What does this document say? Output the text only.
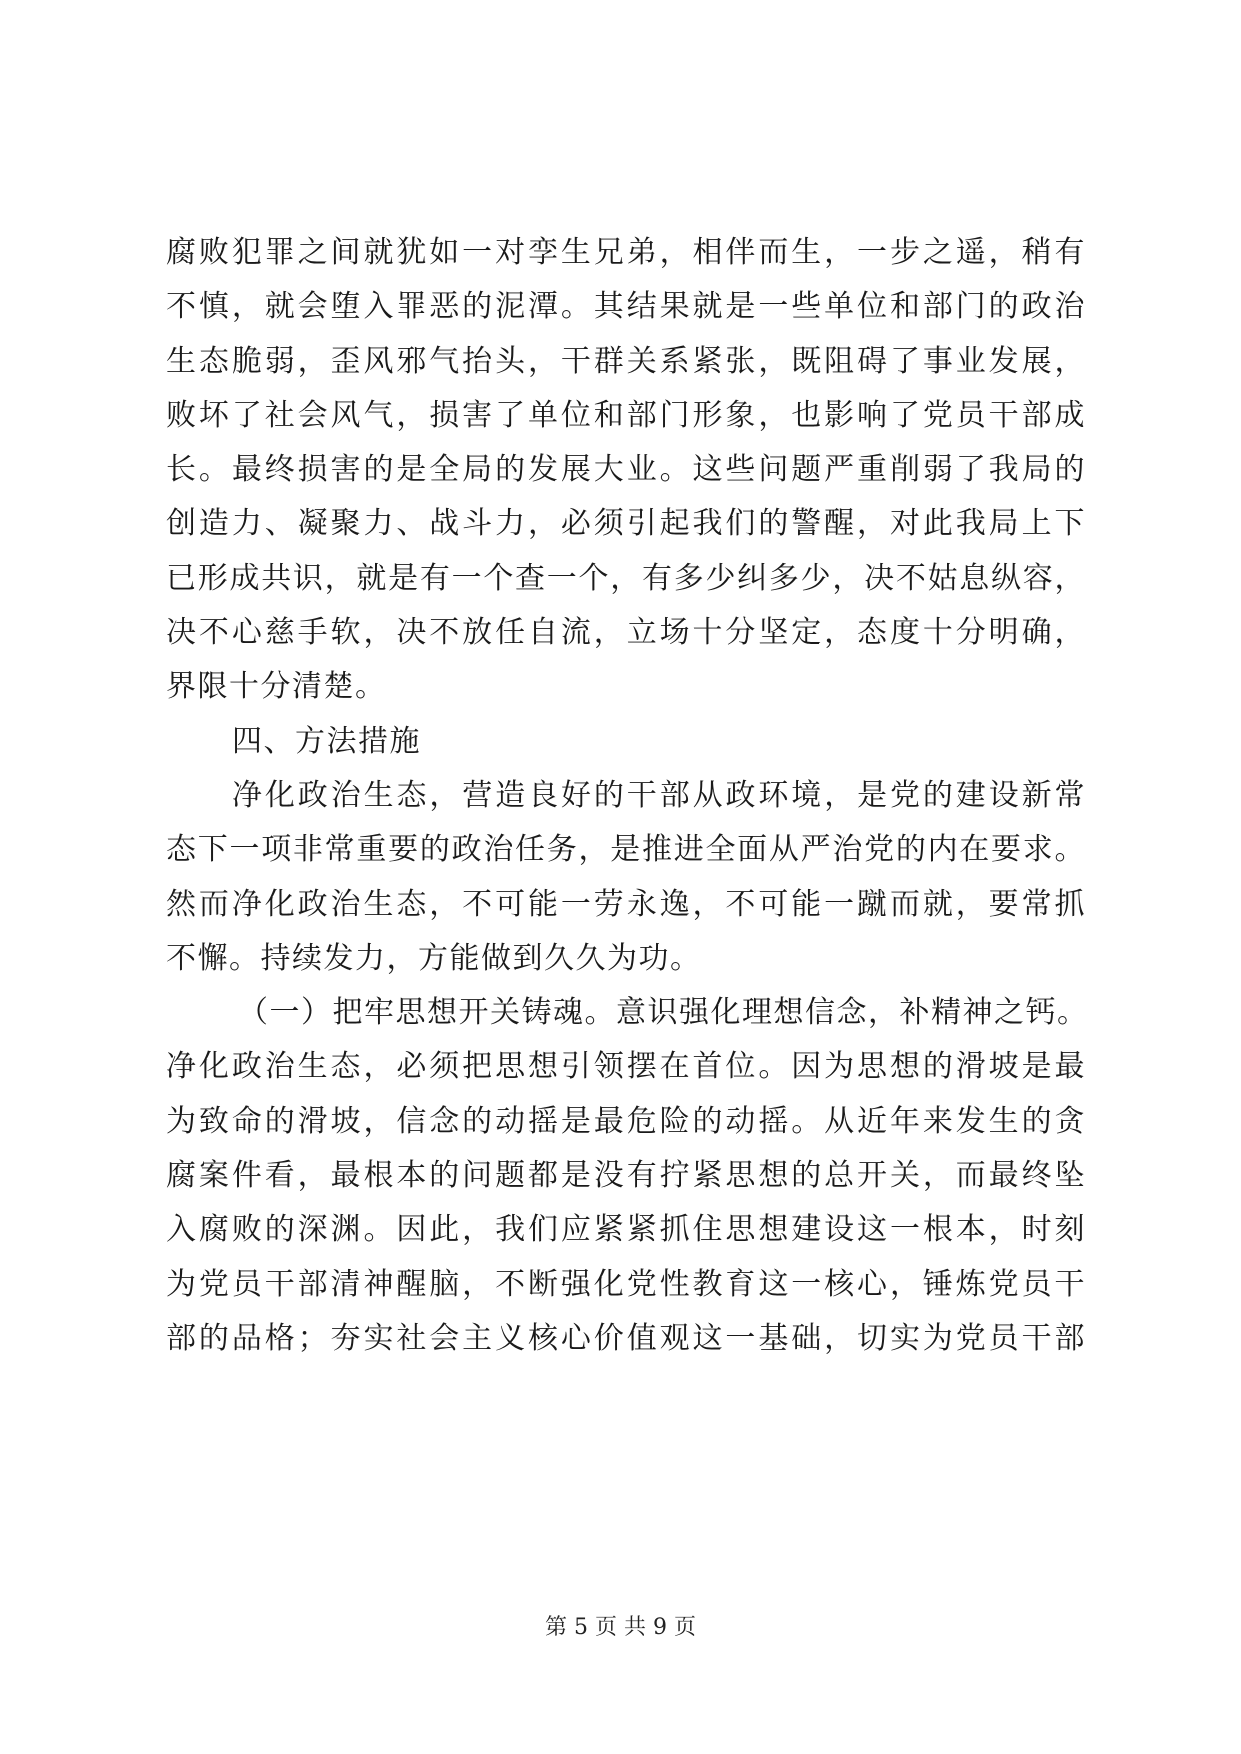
腐败犯罪之间就犹如一对孪生兄弟，相伴而生，一步之遥，稍有
不慎，就会堕入罪恶的泥潭。其结果就是一些单位和部门的政治
生态脆弱，歪风邪气抬头，干群关系紧张，既阻碍了事业发展，
败坏了社会风气，损害了单位和部门形象，也影响了党员干部成
长。最终损害的是全局的发展大业。这些问题严重削弱了我局的
创造力、凝聚力、战斗力，必须引起我们的警醒，对此我局上下
已形成共识，就是有一个查一个，有多少纠多少，决不姑息纵容，
决不心慈手软，决不放任自流，立场十分坚定，态度十分明确，
界限十分清楚。
四、方法措施
净化政治生态，营造良好的干部从政环境，是党的建设新常
态下一项非常重要的政治任务，是推进全面从严治党的内在要求。
然而净化政治生态，不可能一劳永逸，不可能一蹴而就，要常抓
不懈。持续发力，方能做到久久为功。
（一）把牢思想开关铸魂。意识强化理想信念，补精神之钙。
净化政治生态，必须把思想引领摆在首位。因为思想的滑坡是最
为致命的滑坡，信念的动摇是最危险的动摇。从近年来发生的贪
腐案件看，最根本的问题都是没有拧紧思想的总开关，而最终坠
入腐败的深渊。因此，我们应紧紧抓住思想建设这一根本，时刻
为党员干部清神醒脑，不断强化党性教育这一核心，锤炼党员干
部的品格；夯实社会主义核心价值观这一基础，切实为党员干部
第 5 页 共 9 页
